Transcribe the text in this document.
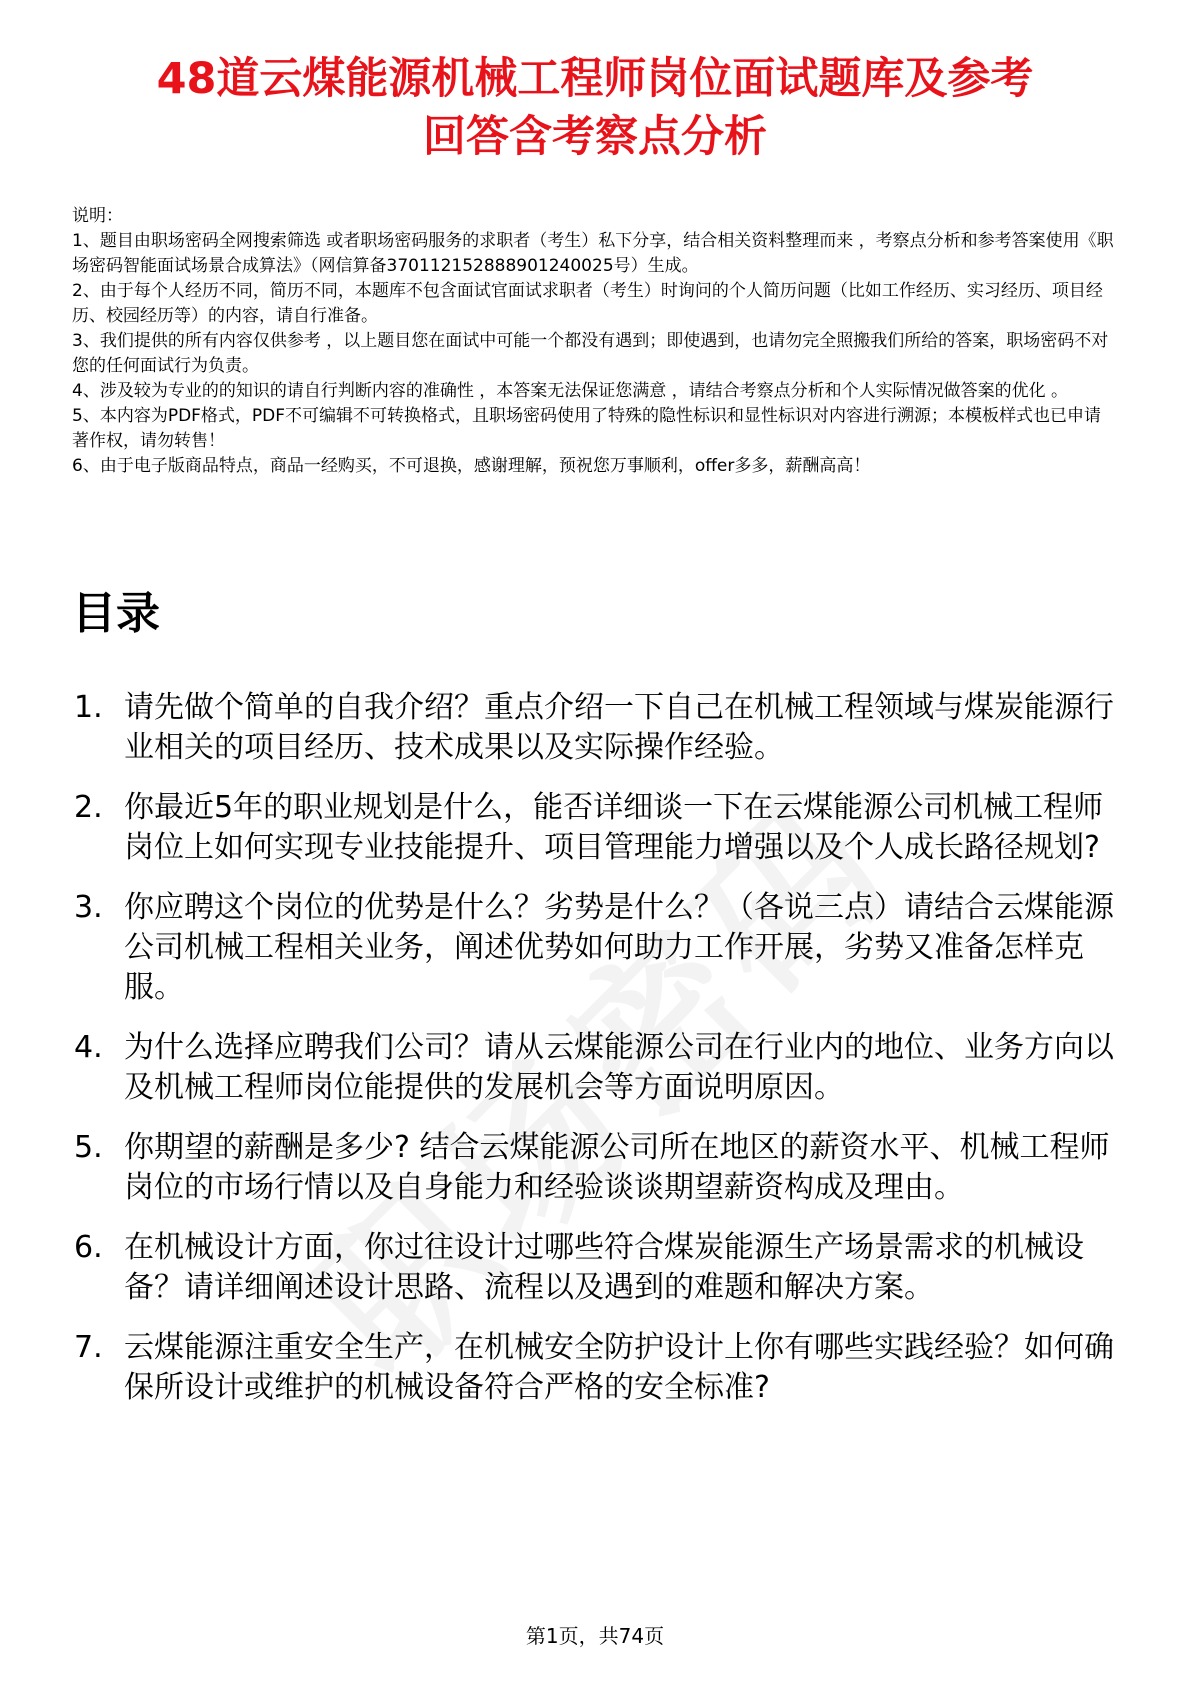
48道云煤能源机械工程师岗位面试题库及参考
回答含考察点分析

说明：

1、题目由职场密码全网搜索筛选 或者职场密码服务的求职者（考生）私下分享，结合相关资料整理而来 ，考察点分析和参考答案使用《职场密码智能面试场景合成算法》（网信算备370112152888901240025号）生成。

2、由于每个人经历不同，简历不同，本题库不包含面试官面试求职者（考生）时询问的个人简历问题（比如工作经历、实习经历、项目经历、校园经历等）的内容，请自行准备。

3、我们提供的所有内容仅供参考 ，以上题目您在面试中可能一个都没有遇到；即使遇到，也请勿完全照搬我们所给的答案，职场密码不对您的任何面试行为负责。

4、涉及较为专业的的知识的请自行判断内容的准确性 ，本答案无法保证您满意 ，请结合考察点分析和个人实际情况做答案的优化 。

5、本内容为PDF格式，PDF不可编辑不可转换格式，且职场密码使用了特殊的隐性标识和显性标识对内容进行溯源；本模板样式也已申请著作权，请勿转售！

6、由于电子版商品特点，商品一经购买，不可退换，感谢理解，预祝您万事顺利，offer多多，薪酬高高！

目录
1. 请先做个简单的自我介绍？重点介绍一下自己在机械工程领域与煤炭能源行业相关的项目经历、技术成果以及实际操作经验。
2. 你最近5年的职业规划是什么，能否详细谈一下在云煤能源公司机械工程师岗位上如何实现专业技能提升、项目管理能力增强以及个人成长路径规划?
3. 你应聘这个岗位的优势是什么？劣势是什么？（各说三点）请结合云煤能源公司机械工程相关业务，阐述优势如何助力工作开展，劣势又准备怎样克服。
4. 为什么选择应聘我们公司？请从云煤能源公司在行业内的地位、业务方向以及机械工程师岗位能提供的发展机会等方面说明原因。
5. 你期望的薪酬是多少? 结合云煤能源公司所在地区的薪资水平、机械工程师岗位的市场行情以及自身能力和经验谈谈期望薪资构成及理由。
6. 在机械设计方面，你过往设计过哪些符合煤炭能源生产场景需求的机械设备？请详细阐述设计思路、流程以及遇到的难题和解决方案。
7. 云煤能源注重安全生产，在机械安全防护设计上你有哪些实践经验？如何确保所设计或维护的机械设备符合严格的安全标准?
第1页，共74页
